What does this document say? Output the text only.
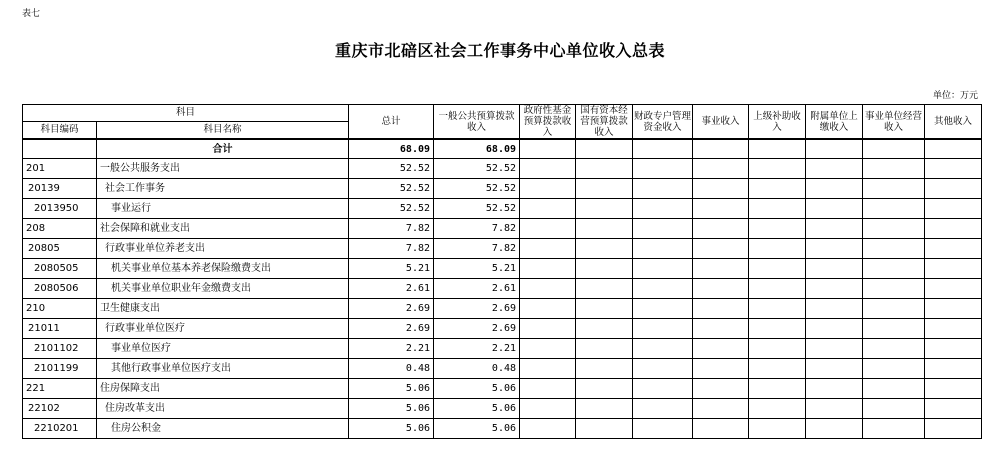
表七
重庆市北碚区社会工作事务中心单位收入总表
单位：万元
科目		总计	一般公共预算拨款收入	政府性基金预算拨款收入	国有资本经营预算拨款收入	财政专户管理资金收入	事业收入	上级补助收入	附属单位上缴收入	事业单位经营收入	其他收入
科目编码	科目名称										
	合计	68.09	68.09								
201	一般公共服务支出	52.52	52.52								
20139	社会工作事务	52.52	52.52								
2013950	事业运行	52.52	52.52								
208	社会保障和就业支出	7.82	7.82								
20805	行政事业单位养老支出	7.82	7.82								
2080505	机关事业单位基本养老保险缴费支出	5.21	5.21								
2080506	机关事业单位职业年金缴费支出	2.61	2.61								
210	卫生健康支出	2.69	2.69								
21011	行政事业单位医疗	2.69	2.69								
2101102	事业单位医疗	2.21	2.21								
2101199	其他行政事业单位医疗支出	0.48	0.48								
221	住房保障支出	5.06	5.06								
22102	住房改革支出	5.06	5.06								
2210201	住房公积金	5.06	5.06								
